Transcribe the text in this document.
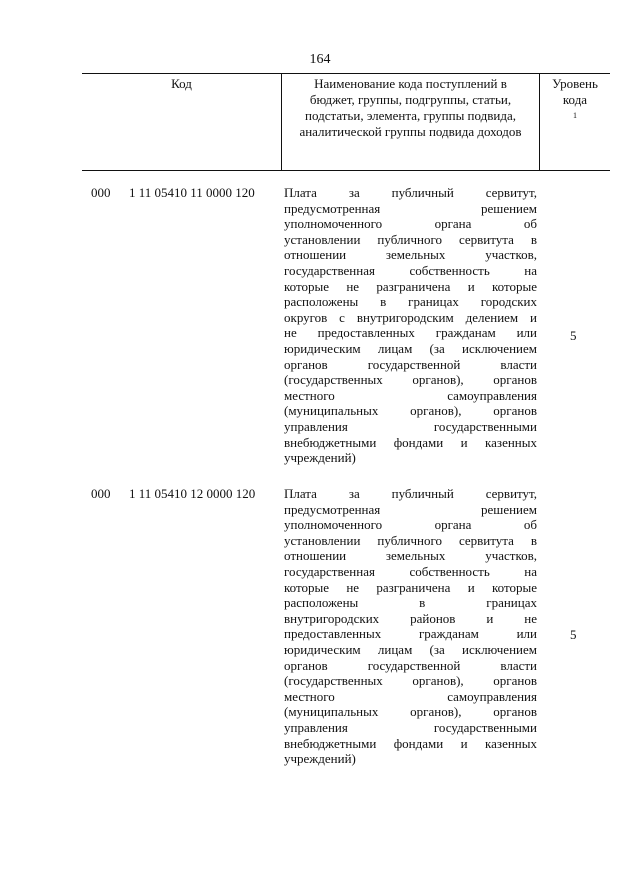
164
Код	Наименование кода поступлений в
бюджет, группы, подгруппы, статьи,
подстатьи, элемента, группы подвида,
аналитической группы подвида доходов
Уровень
кода
1
000 1 11 05410 11 0000 120 Плата за публичный сервитут,
предусмотренная решением
уполномоченного органа об
установлении публичного сервитута в
отношении земельных участков,
государственная собственность на
которые не разграничена и которые
расположены в границах городских
округов с внутригородским делением и
не предоставленных гражданам или
юридическим лицам (за исключением
органов государственной власти
(государственных органов), органов
местного самоуправления
(муниципальных органов), органов
управления государственными
внебюджетными фондами и казенных
учреждений)
5
000 1 11 05410 12 0000 120 Плата за публичный сервитут,
предусмотренная решением
уполномоченного органа об
установлении публичного сервитута в
отношении земельных участков,
государственная собственность на
которые не разграничена и которые
расположены в границах
внутригородских районов и не
предоставленных гражданам или
юридическим лицам (за исключением
органов государственной власти
(государственных органов), органов
местного самоуправления
(муниципальных органов), органов
управления государственными
внебюджетными фондами и казенных
учреждений)
5
